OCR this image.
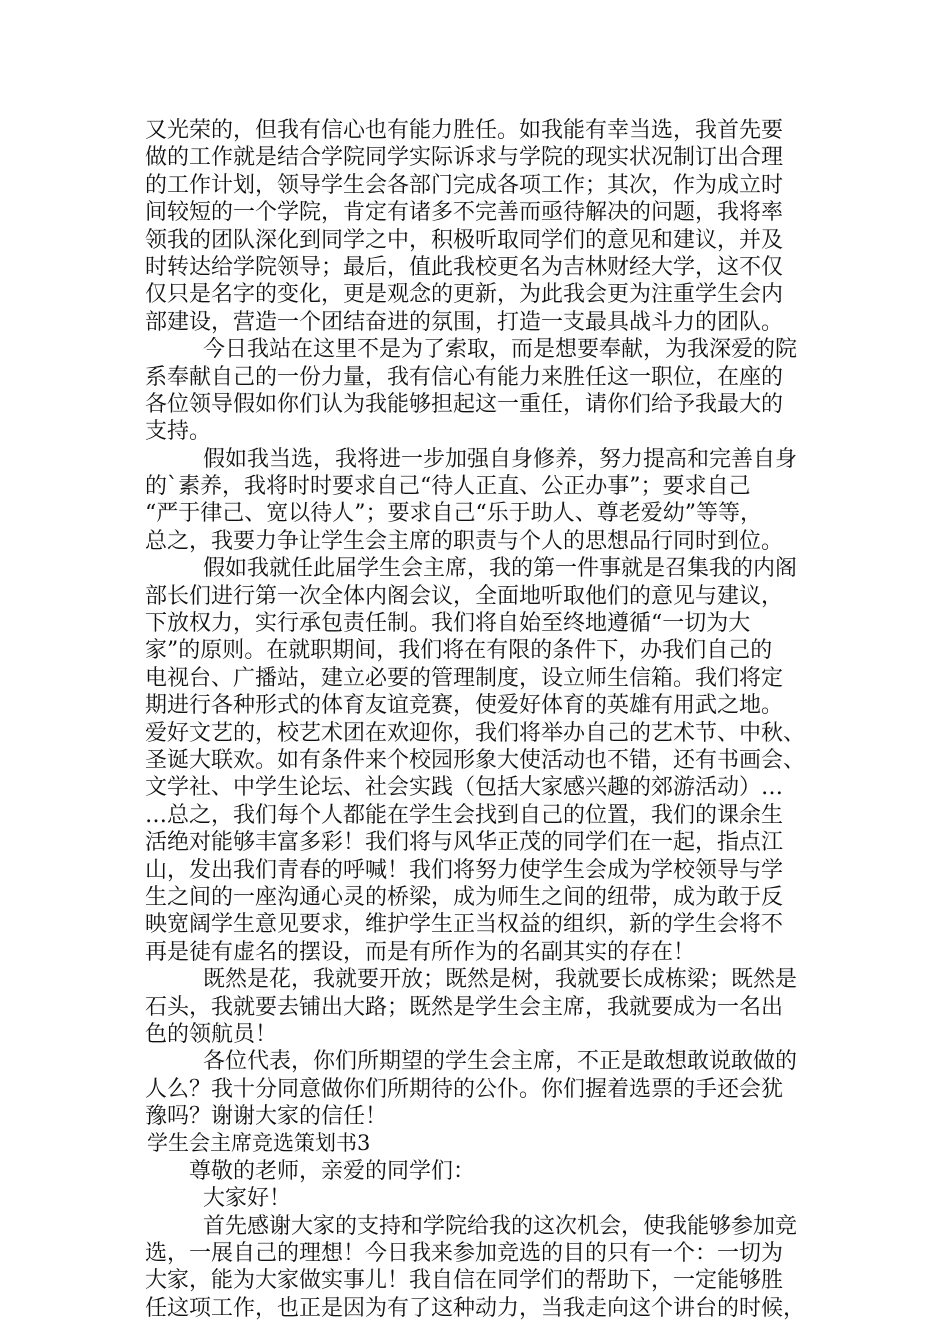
又光荣的，但我有信心也有能力胜任。如我能有幸当选，我首先要
做的工作就是结合学院同学实际诉求与学院的现实状况制订出合理
的工作计划，领导学生会各部门完成各项工作；其次，作为成立时
间较短的一个学院，肯定有诸多不完善而亟待解决的问题，我将率
领我的团队深化到同学之中，积极听取同学们的意见和建议，并及
时转达给学院领导；最后，值此我校更名为吉林财经大学，这不仅
仅只是名字的变化，更是观念的更新，为此我会更为注重学生会内
部建设，营造一个团结奋进的氛围，打造一支最具战斗力的团队。
今日我站在这里不是为了索取，而是想要奉献，为我深爱的院
系奉献自己的一份力量，我有信心有能力来胜任这一职位，在座的
各位领导假如你们认为我能够担起这一重任，请你们给予我最大的
支持。
假如我当选，我将进一步加强自身修养，努力提高和完善自身
的`素养，我将时时要求自己“待人正直、公正办事”；要求自己
“严于律己、宽以待人”；要求自己“乐于助人、尊老爱幼”等等，
总之，我要力争让学生会主席的职责与个人的思想品行同时到位。
假如我就任此届学生会主席，我的第一件事就是召集我的内阁
部长们进行第一次全体内阁会议，全面地听取他们的意见与建议，
下放权力，实行承包责任制。我们将自始至终地遵循“一切为大
家”的原则。在就职期间，我们将在有限的条件下，办我们自己的
电视台、广播站，建立必要的管理制度，设立师生信箱。我们将定
期进行各种形式的体育友谊竞赛，使爱好体育的英雄有用武之地。
爱好文艺的，校艺术团在欢迎你，我们将举办自己的艺术节、中秋、
圣诞大联欢。如有条件来个校园形象大使活动也不错，还有书画会、
文学社、中学生论坛、社会实践（包括大家感兴趣的郊游活动）…
…总之，我们每个人都能在学生会找到自己的位置，我们的课余生
活绝对能够丰富多彩！我们将与风华正茂的同学们在一起，指点江
山，发出我们青春的呼喊！我们将努力使学生会成为学校领导与学
生之间的一座沟通心灵的桥梁，成为师生之间的纽带，成为敢于反
映宽阔学生意见要求，维护学生正当权益的组织，新的学生会将不
再是徒有虚名的摆设，而是有所作为的名副其实的存在！
既然是花，我就要开放；既然是树，我就要长成栋梁；既然是
石头，我就要去铺出大路；既然是学生会主席，我就要成为一名出
色的领航员！
各位代表，你们所期望的学生会主席，不正是敢想敢说敢做的
人么？我十分同意做你们所期待的公仆。你们握着选票的手还会犹
豫吗？谢谢大家的信任！
学生会主席竞选策划书3
尊敬的老师，亲爱的同学们：
大家好！
首先感谢大家的支持和学院给我的这次机会，使我能够参加竞
选，一展自己的理想！今日我来参加竞选的目的只有一个：一切为
大家，能为大家做实事儿！我自信在同学们的帮助下，一定能够胜
任这项工作，也正是因为有了这种动力，当我走向这个讲台的时候，
